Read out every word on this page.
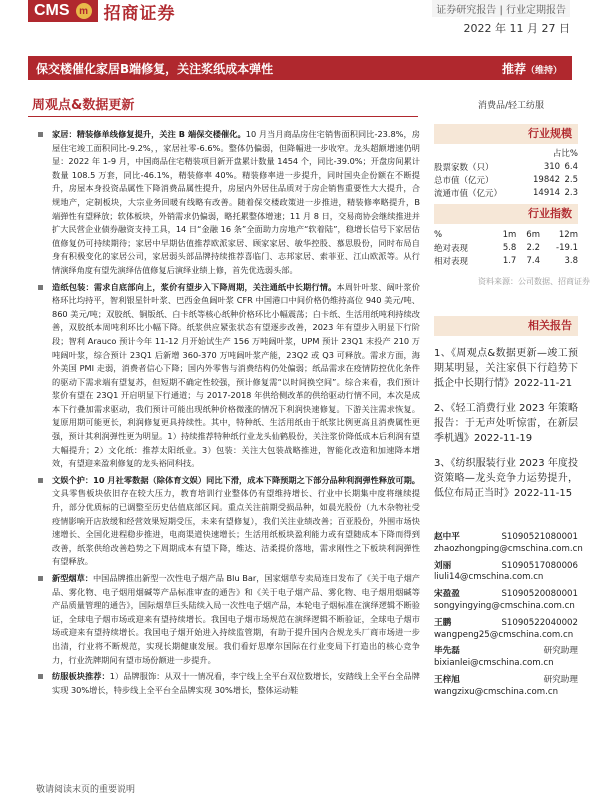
CMS m 招商证券	证券研究报告 | 行业定期报告
2022 年 11 月 27 日
保交楼催化家居B端修复，关注浆纸成本弹性	推荐（维持）
周观点&数据更新	消费品/轻工纺服
家居：精装修单线修复提升，关注 B 端保交楼催化。10 月当月商品房住宅销售面积同比-23.8%，房屋住宅竣工面积同比-9.2%，，家居社零-6.6%。整体仍偏弱，但降幅进一步收窄。龙头超额增速仍明显：2022 年 1-9 月，中国商品住宅精装项目新开盘累计数量 1454 个，同比-39.0%；开盘房间累计数量 108.5 万套，同比-46.1%，精装修率 40%。精装修率进一步提升，同时国央企份额在不断提升，房屋本身投资品属性下降消费品属性提升，房屋内外居住品质对于房企销售重要性大大提升，合规地产，定制板块，大宗业务回暖有线略有改善。随着保交楼政策进一步推进，精装修率略提升，B 端弹性有望释放；软体板块，外销需求仍偏弱，略托累整体增速；11 月 8 日，交易商协会继续推进并扩大民营企业债券融资支持工具，14 日“金融 16 条”全面助力房地产“软着陆”，稳增长信号下家居估值修复仍可持续期待；家居中早期估值推荐欧派家居、顾家家居、敏华控股、慕思股份，同时布局自身有积极变化的家居公司，家居弱头部品牌持续推荐喜临门、志邦家居、索菲亚、江山欧派等。从行情演绎角度有望先演绎估值修复后演绎业绩上修，首先优选弱头部。
造纸包装：需求自底部向上，浆价有望步入下降周期，关注通纸中长期行情。本周针叶浆、阔叶浆价格环比均持平，智利银星针叶浆、巴西金鱼阔叶浆 CFR 中国港口中间价格仍维持高位 940 美元/吨、860 美元/吨；双胶纸、铜版纸、白卡纸等核心纸种价格环比小幅震荡；白卡纸、生活用纸吨利持续改善，双胶纸本周吨利环比小幅下降。纸浆供应紧张状态有望逐步改善，2023 年有望步入明显下行阶段；智利 Arauco 预计今年 11-12 月开始试生产 156 万吨阔叶浆，UPM 预计 23Q1 末投产 210 万吨阔叶浆，综合预计 23Q1 后新增 360-370 万吨阔叶浆产能，23Q2 或 Q3 可释放。需求方面，海外美国 PMI 走弱，消费者信心下降；国内外零售与消费结构仍处偏弱；纸品需求在疫情防控优化条件的驱动下需求端有望复苏，但短期不确定性较强，预计修复需“以时间换空间”。综合来看，我们预计浆价有望在 23Q1 开启明显下行通道；与 2017-2018 年供给侧改革的供给驱动行情不同，本次是成本下行叠加需求驱动，我们预计可能出现纸种价格微涨的情况下利润快速修复。下游关注需求恢复。复原用期可能更长，利润修复更具持续性。其中，特种纸、生活用纸由于纸浆比例更高且消费属性更强，预计其利润弹性更为明显。1）持续推荐特种纸行业龙头仙鹤股份，关注浆价降低成本后利润有望大幅提升；2）文化纸：推荐太阳纸业。3）包装：关注大包装战略推进，智能化改造和加速降本增效，有望迎来盈利修复的龙头裕同科技。
文娱个护：10 月社零数据（除体育文娱）同比下滑，成本下降预期之下部分品种利润弹性释放可期。文具零售板块依旧存在较大压力，教育培训行业整体仍有望维持增长、行业中长期集中度将继续提升，部分优质标的已调整至历史估值底部区间。重点关注前期受损品种，如晨光股份（九木杂物社受疫情影响开店放缓和经营效果短期受压，未来有望修复），我们关注业绩改善；百亚股份，外围市场快速增长、全国化进程稳步推进，电商渠道快速增长；生活用纸板块盈利能力或有望随成本下降而得到改善，纸浆供给改善趋势之下周期成本有望下降，维达、洁柔提价落地，需求刚性之下板块利润弹性有望释放。
新型烟草：中国品牌推出新型一次性电子烟产品 Blu Bar，国家烟草专卖局连日发布了《关于电子烟产品、雾化物、电子烟用烟碱等产品标准审查的通告》和《关于电子烟产品、雾化物、电子烟用烟碱等产品质量管理的通告》，国际烟草巨头陆续入局一次性电子烟产品，本轮电子烟标准在演绎逻辑不断验证，全球电子烟市场或迎来有望持续增长。我国电子烟市场规范在演绎逻辑不断验证，全球电子烟市场或迎来有望持续增长。我国电子烟开始进入持续监管期，有助于提升国内合规龙头厂商市场进一步出清，行业将不断规范，实现长期健康发展。我们看好思摩尔国际在行业变局下打造出的核心竞争力，行业洗牌期间有望市场份额进一步提升。
纺服板块推荐：1）品牌服饰：从双十一情况看，李宁线上全平台双位数增长，安踏线上全平台全品牌实现 30%增长，特步线上全平台全品牌实现 30%增长，整体运动鞋
敬请阅读末页的重要说明
行业规模
占比%
股票家数（只）	310	6.4
总市值（亿元）	19842	2.5
流通市值（亿元）	14914	2.3
行业指数
%	1m	6m	12m
绝对表现	5.8	2.2	-19.1
相对表现	1.7	7.4	3.8
资料来源：公司数据、招商证券
相关报告
1、《周观点&数据更新—竣工预期某明显，关注家俱下行趋势下抵企中长期行情》2022-11-21
2、《轻工消费行业 2023 年策略报告：于无声处听惊雷，在新层季机遇》2022-11-19
3、《纺织服装行业 2023 年度投资策略—龙头竞争力运势提升，低位布局正当时》2022-11-15
赵中平	S1090521080001
zhaozhongping@cmschina.com.cn
刘丽	S1090517080006
liuli14@cmschina.com.cn
宋盈盈	S1090520080001
songyingying@cmschina.com.cn
王鹏	S1090522040002
wangpeng25@cmschina.com.cn
毕先磊	研究助理
bixianlei@cmschina.com.cn
王梓旭	研究助理
wangzixu@cmschina.com.cn
